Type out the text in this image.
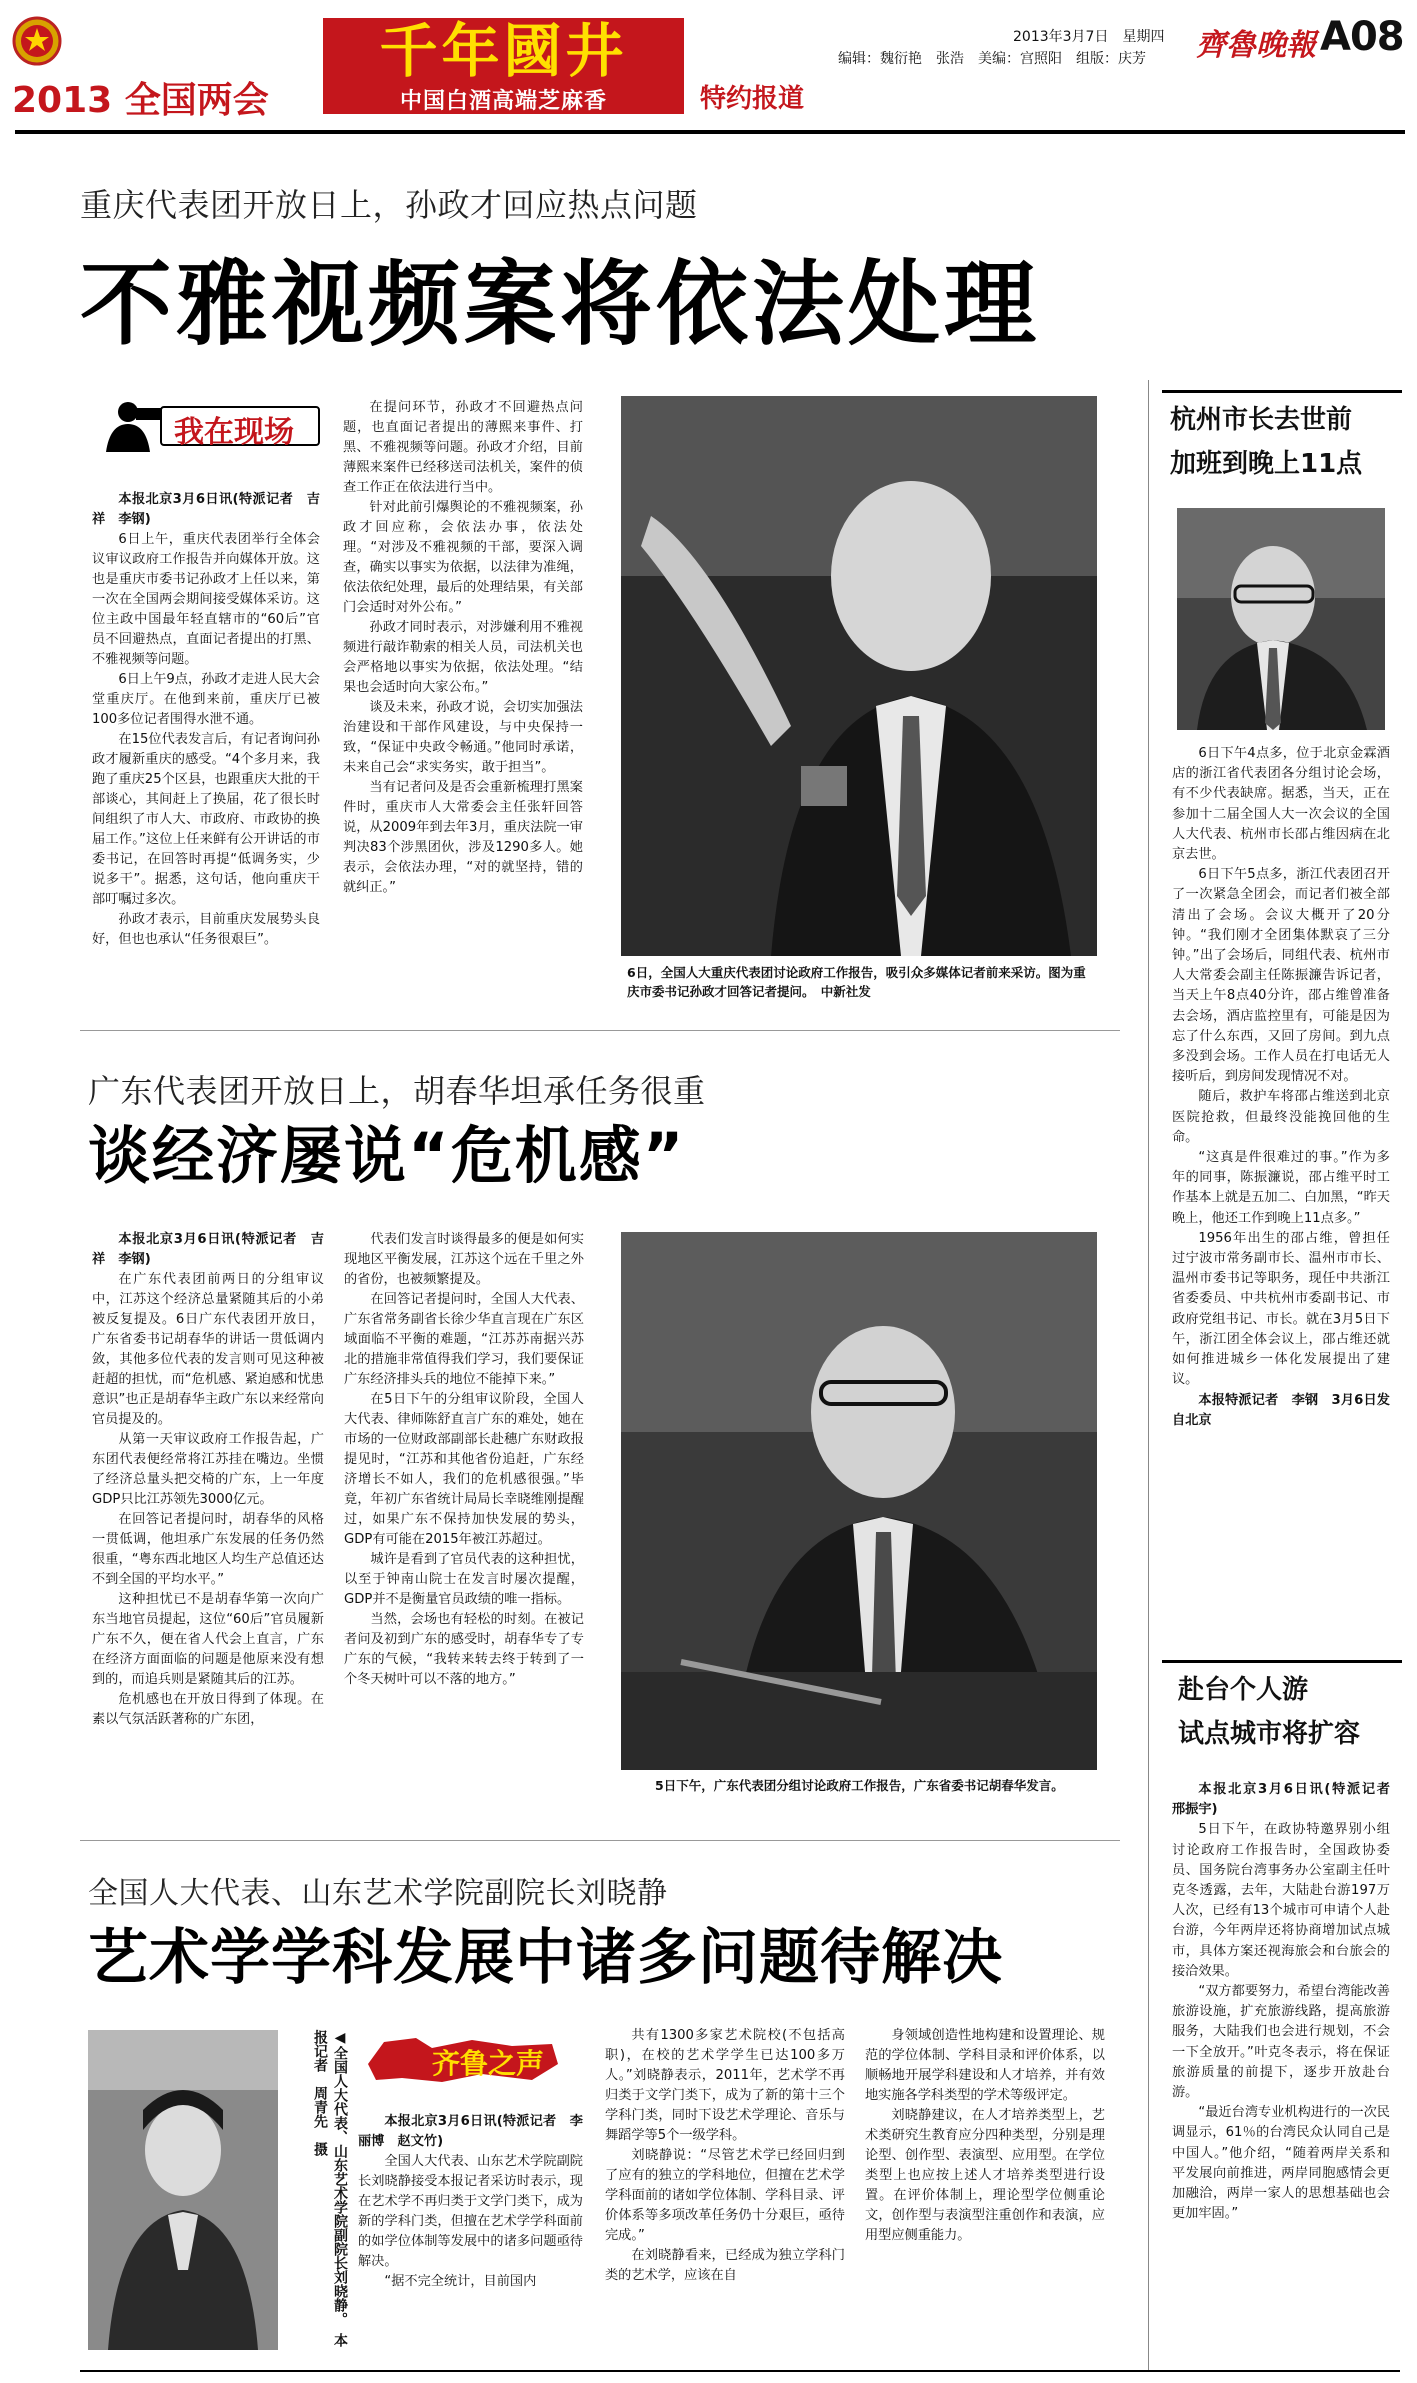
2013 全国两会
千年國井
中国白酒高端芝麻香	特约报道
2013年3月7日　星期四
编辑：魏衍艳　张浩　美编：宫照阳　组版：庆芳 齊魯晚報 A08
重庆代表团开放日上，孙政才回应热点问题
不雅视频案将依法处理
我在现场

本报北京3月6日讯(特派记者　吉祥　李钢)

6日上午，重庆代表团举行全体会议审议政府工作报告并向媒体开放。这也是重庆市委书记孙政才上任以来，第一次在全国两会期间接受媒体采访。这位主政中国最年轻直辖市的“60后”官员不回避热点，直面记者提出的打黑、不雅视频等问题。

6日上午9点，孙政才走进人民大会堂重庆厅。在他到来前，重庆厅已被100多位记者围得水泄不通。

在15位代表发言后，有记者询问孙政才履新重庆的感受。“4个多月来，我跑了重庆25个区县，也跟重庆大批的干部谈心，其间赶上了换届，花了很长时间组织了市人大、市政府、市政协的换届工作。”这位上任来鲜有公开讲话的市委书记，在回答时再提“低调务实，少说多干”。据悉，这句话，他向重庆干部叮嘱过多次。

孙政才表示，目前重庆发展势头良好，但也也承认“任务很艰巨”。

在提问环节，孙政才不回避热点问题，也直面记者提出的薄熙来事件、打黑、不雅视频等问题。孙政才介绍，目前薄熙来案件已经移送司法机关，案件的侦查工作正在依法进行当中。

针对此前引爆舆论的不雅视频案，孙政才回应称，会依法办事，依法处理。“对涉及不雅视频的干部，要深入调查，确实以事实为依据，以法律为准绳，依法依纪处理，最后的处理结果，有关部门会适时对外公布。”

孙政才同时表示，对涉嫌利用不雅视频进行敲诈勒索的相关人员，司法机关也会严格地以事实为依据，依法处理。“结果也会适时向大家公布。”

谈及未来，孙政才说，会切实加强法治建设和干部作风建设，与中央保持一致，“保证中央政令畅通。”他同时承诺，未来自己会“求实务实，敢于担当”。

当有记者问及是否会重新梳理打黑案件时，重庆市人大常委会主任张轩回答说，从2009年到去年3月，重庆法院一审判决83个涉黑团伙，涉及1290多人。她表示，会依法办理，“对的就坚持，错的就纠正。”

6日，全国人大重庆代表团讨论政府工作报告，吸引众多媒体记者前来采访。图为重庆市委书记孙政才回答记者提问。　中新社发
广东代表团开放日上，胡春华坦承任务很重
谈经济屡说“危机感”

本报北京3月6日讯(特派记者　吉祥　李钢)

在广东代表团前两日的分组审议中，江苏这个经济总量紧随其后的小弟被反复提及。6日广东代表团开放日，广东省委书记胡春华的讲话一贯低调内敛，其他多位代表的发言则可见这种被赶超的担忧，而“危机感、紧迫感和忧患意识”也正是胡春华主政广东以来经常向官员提及的。

从第一天审议政府工作报告起，广东团代表便经常将江苏挂在嘴边。坐惯了经济总量头把交椅的广东，上一年度GDP只比江苏领先3000亿元。

在回答记者提问时，胡春华的风格一贯低调，他坦承广东发展的任务仍然很重，“粤东西北地区人均生产总值还达不到全国的平均水平。”

这种担忧已不是胡春华第一次向广东当地官员提起，这位“60后”官员履新广东不久，便在省人代会上直言，广东在经济方面面临的问题是他原来没有想到的，而追兵则是紧随其后的江苏。

危机感也在开放日得到了体现。在素以气氛活跃著称的广东团，

代表们发言时谈得最多的便是如何实现地区平衡发展，江苏这个远在千里之外的省份，也被频繁提及。

在回答记者提问时，全国人大代表、广东省常务副省长徐少华直言现在广东区域面临不平衡的难题，“江苏苏南据兴苏北的措施非常值得我们学习，我们要保证广东经济排头兵的地位不能掉下来。”

在5日下午的分组审议阶段，全国人大代表、律师陈舒直言广东的难处，她在市场的一位财政部副部长赴穗广东财政报提见时，“江苏和其他省份追赶，广东经济增长不如人，我们的危机感很强。”毕竟，年初广东省统计局局长幸晓维刚提醒过，如果广东不保持加快发展的势头，GDP有可能在2015年被江苏超过。

城许是看到了官员代表的这种担忧，以至于钟南山院士在发言时屡次提醒，GDP并不是衡量官员政绩的唯一指标。

当然，会场也有轻松的时刻。在被记者问及初到广东的感受时，胡春华专了专广东的气候，“我转来转去终于转到了一个冬天树叶可以不落的地方。”

5日下午，广东代表团分组讨论政府工作报告，广东省委书记胡春华发言。
全国人大代表、山东艺术学院副院长刘晓静
艺术学学科发展中诸多问题待解决
◀全国人大代表、山东艺术学院副院长刘晓静。　本报记者　周青先　摄	齐鲁之声

本报北京3月6日讯(特派记者　李丽博　赵文竹)

全国人大代表、山东艺术学院副院长刘晓静接受本报记者采访时表示，现在艺术学不再归类于文学门类下，成为新的学科门类，但擅在艺术学学科面前的如学位体制等发展中的诸多问题亟待解决。

“据不完全统计，目前国内

共有1300多家艺术院校(不包括高职)，在校的艺术学学生已达100多万人。”刘晓静表示，2011年，艺术学不再归类于文学门类下，成为了新的第十三个学科门类，同时下设艺术学理论、音乐与舞蹈学等5个一级学科。

刘晓静说：“尽管艺术学已经回归到了应有的独立的学科地位，但擅在艺术学学科面前的诸如学位体制、学科目录、评价体系等多项改革任务仍十分艰巨，亟待完成。”

在刘晓静看来，已经成为独立学科门类的艺术学，应该在自

身领域创造性地构建和设置理论、规范的学位体制、学科目录和评价体系，以顺畅地开展学科建设和人才培养，并有效地实施各学科类型的学术等级评定。

刘晓静建议，在人才培养类型上，艺术类研究生教育应分四种类型，分别是理论型、创作型、表演型、应用型。在学位类型上也应按上述人才培养类型进行设置。在评价体制上，理论型学位侧重论文，创作型与表演型注重创作和表演，应用型应侧重能力。

杭州市长去世前
加班到晚上11点

6日下午4点多，位于北京金霖酒店的浙江省代表团各分组讨论会场，有不少代表缺席。据悉，当天，正在参加十二届全国人大一次会议的全国人大代表、杭州市长邵占维因病在北京去世。

6日下午5点多，浙江代表团召开了一次紧急全团会，而记者们被全部清出了会场。会议大概开了20分钟。“我们刚才全团集体默哀了三分钟。”出了会场后，同组代表、杭州市人大常委会副主任陈振濂告诉记者，当天上午8点40分许，邵占维曾准备去会场，酒店监控里有，可能是因为忘了什么东西，又回了房间。到九点多没到会场。工作人员在打电话无人接听后，到房间发现情况不对。

随后，救护车将邵占维送到北京医院抢救，但最终没能挽回他的生命。

“这真是件很难过的事。”作为多年的同事，陈振濂说，邵占维平时工作基本上就是五加二、白加黑，“昨天晚上，他还工作到晚上11点多。”

1956年出生的邵占维，曾担任过宁波市常务副市长、温州市市长、温州市委书记等职务，现任中共浙江省委委员、中共杭州市委副书记、市政府党组书记、市长。就在3月5日下午，浙江团全体会议上，邵占维还就如何推进城乡一体化发展提出了建议。

本报特派记者　李钢　3月6日发自北京

赴台个人游
试点城市将扩容

本报北京3月6日讯(特派记者　邢振宇)

5日下午，在政协特邀界别小组讨论政府工作报告时，全国政协委员、国务院台湾事务办公室副主任叶克冬透露，去年，大陆赴台游197万人次，已经有13个城市可申请个人赴台游，今年两岸还将协商增加试点城市，具体方案还视海旅会和台旅会的接洽效果。

“双方都要努力，希望台湾能改善旅游设施，扩充旅游线路，提高旅游服务，大陆我们也会进行规划，不会一下全放开。”叶克冬表示，将在保证旅游质量的前提下，逐步开放赴台游。

“最近台湾专业机构进行的一次民调显示，61％的台湾民众认同自己是中国人。”他介绍，“随着两岸关系和平发展向前推进，两岸同胞感情会更加融洽，两岸一家人的思想基础也会更加牢固。”
